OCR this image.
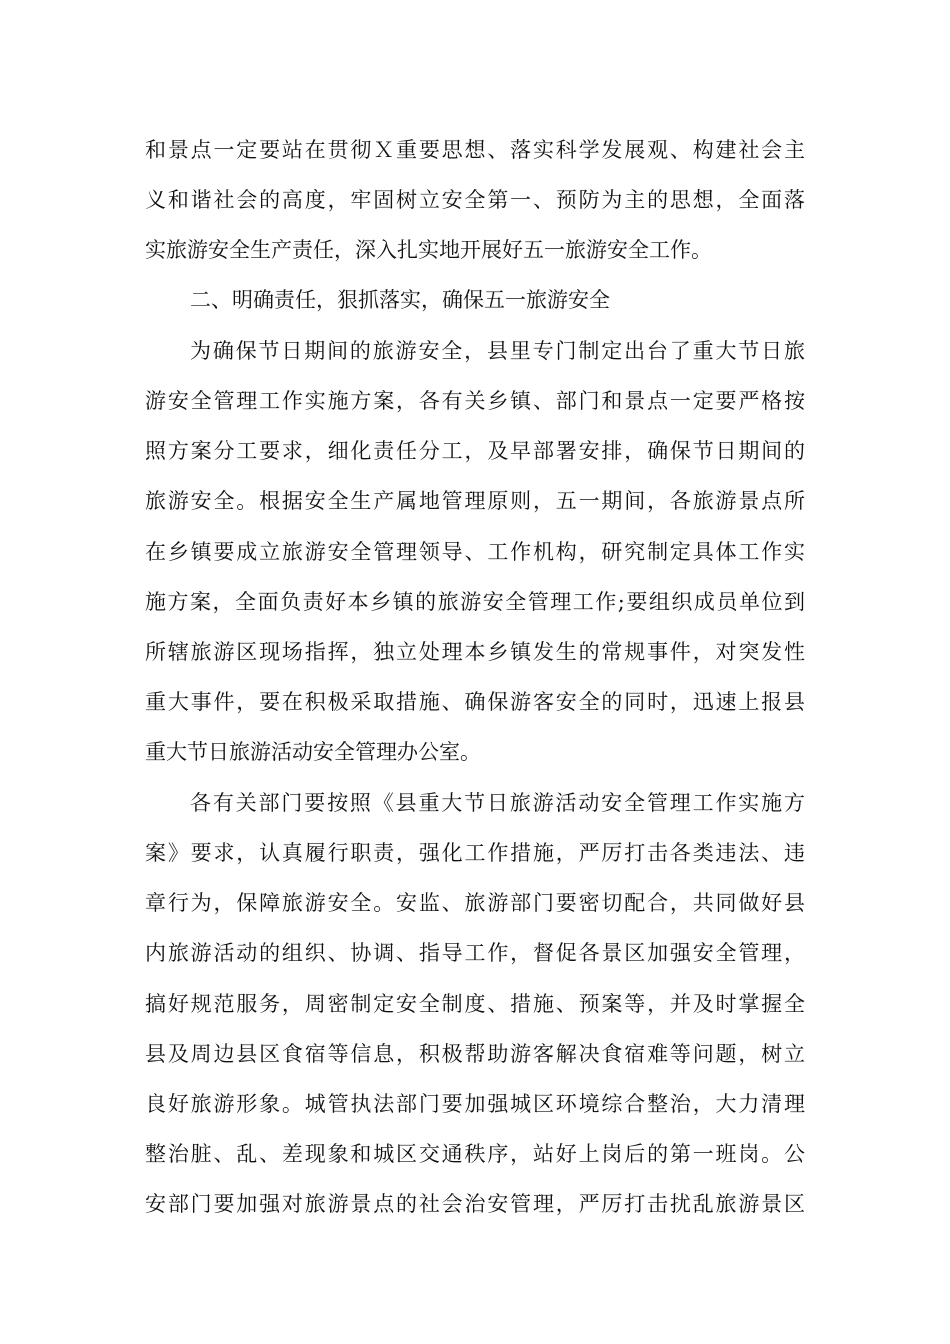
和景点一定要站在贯彻Ｘ重要思想、落实科学发展观、构建社会主
义和谐社会的高度，牢固树立安全第一、预防为主的思想，全面落
实旅游安全生产责任，深入扎实地开展好五一旅游安全工作。
二、明确责任，狠抓落实，确保五一旅游安全
为确保节日期间的旅游安全，县里专门制定出台了重大节日旅
游安全管理工作实施方案，各有关乡镇、部门和景点一定要严格按
照方案分工要求，细化责任分工，及早部署安排，确保节日期间的
旅游安全。根据安全生产属地管理原则，五一期间，各旅游景点所
在乡镇要成立旅游安全管理领导、工作机构，研究制定具体工作实
施方案，全面负责好本乡镇的旅游安全管理工作;要组织成员单位到
所辖旅游区现场指挥，独立处理本乡镇发生的常规事件，对突发性
重大事件，要在积极采取措施、确保游客安全的同时，迅速上报县
重大节日旅游活动安全管理办公室。
各有关部门要按照《县重大节日旅游活动安全管理工作实施方
案》要求，认真履行职责，强化工作措施，严厉打击各类违法、违
章行为，保障旅游安全。安监、旅游部门要密切配合，共同做好县
内旅游活动的组织、协调、指导工作，督促各景区加强安全管理，
搞好规范服务，周密制定安全制度、措施、预案等，并及时掌握全
县及周边县区食宿等信息，积极帮助游客解决食宿难等问题，树立
良好旅游形象。城管执法部门要加强城区环境综合整治，大力清理
整治脏、乱、差现象和城区交通秩序，站好上岗后的第一班岗。公
安部门要加强对旅游景点的社会治安管理，严厉打击扰乱旅游景区
